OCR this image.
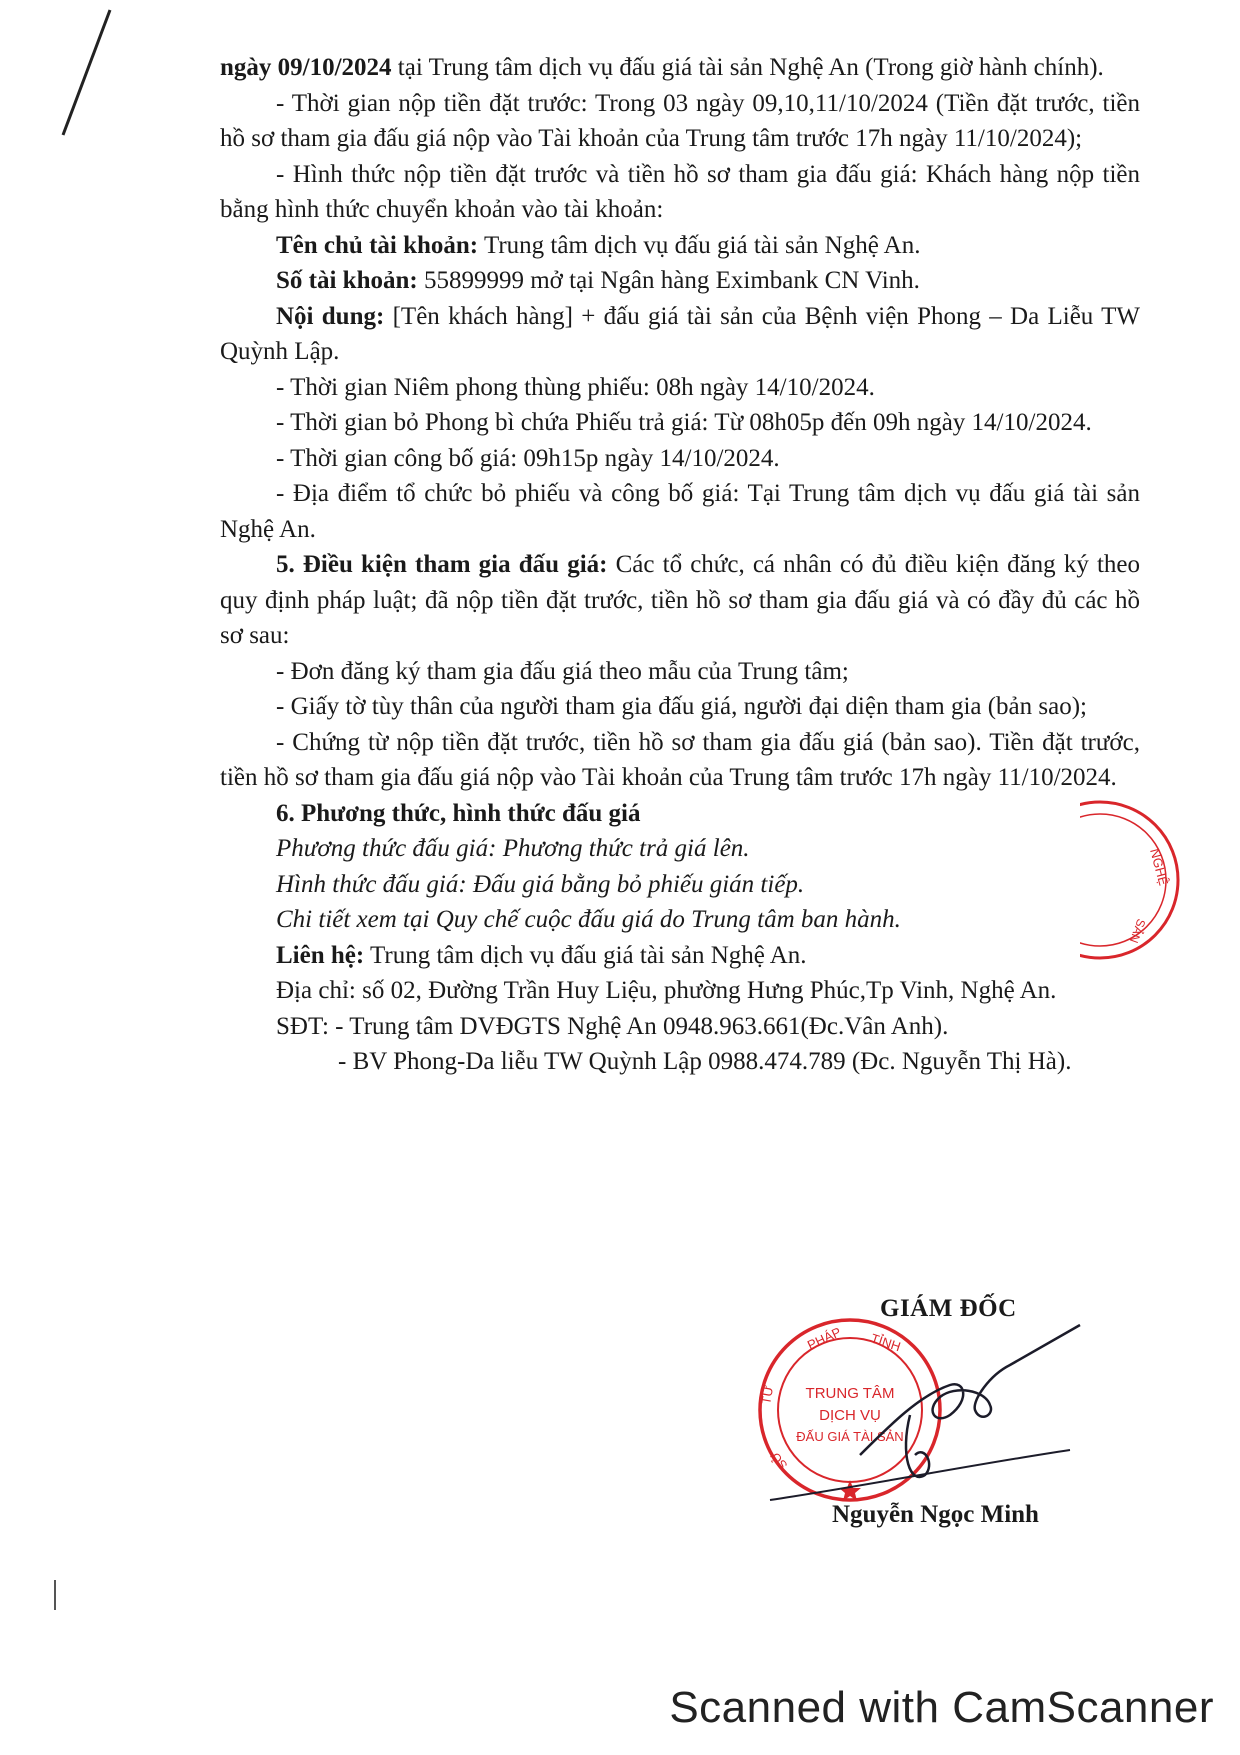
ngày 09/10/2024 tại Trung tâm dịch vụ đấu giá tài sản Nghệ An (Trong giờ hành chính).

- Thời gian nộp tiền đặt trước: Trong 03 ngày 09,10,11/10/2024 (Tiền đặt trước, tiền hồ sơ tham gia đấu giá nộp vào Tài khoản của Trung tâm trước 17h ngày 11/10/2024);

- Hình thức nộp tiền đặt trước và tiền hồ sơ tham gia đấu giá: Khách hàng nộp tiền bằng hình thức chuyển khoản vào tài khoản:

Tên chủ tài khoản: Trung tâm dịch vụ đấu giá tài sản Nghệ An.

Số tài khoản: 55899999 mở tại Ngân hàng Eximbank CN Vinh.

Nội dung: [Tên khách hàng] + đấu giá tài sản của Bệnh viện Phong – Da Liễu TW Quỳnh Lập.

- Thời gian Niêm phong thùng phiếu: 08h ngày 14/10/2024.

- Thời gian bỏ Phong bì chứa Phiếu trả giá: Từ 08h05p đến 09h ngày 14/10/2024.

- Thời gian công bố giá: 09h15p ngày 14/10/2024.

- Địa điểm tổ chức bỏ phiếu và công bố giá: Tại Trung tâm dịch vụ đấu giá tài sản Nghệ An.

5. Điều kiện tham gia đấu giá: Các tổ chức, cá nhân có đủ điều kiện đăng ký theo quy định pháp luật; đã nộp tiền đặt trước, tiền hồ sơ tham gia đấu giá và có đầy đủ các hồ sơ sau:

- Đơn đăng ký tham gia đấu giá theo mẫu của Trung tâm;

- Giấy tờ tùy thân của người tham gia đấu giá, người đại diện tham gia (bản sao);

- Chứng từ nộp tiền đặt trước, tiền hồ sơ tham gia đấu giá (bản sao). Tiền đặt trước, tiền hồ sơ tham gia đấu giá nộp vào Tài khoản của Trung tâm trước 17h ngày 11/10/2024.

6. Phương thức, hình thức đấu giá

Phương thức đấu giá: Phương thức trả giá lên.

Hình thức đấu giá: Đấu giá bằng bỏ phiếu gián tiếp.

Chi tiết xem tại Quy chế cuộc đấu giá do Trung tâm ban hành.

Liên hệ: Trung tâm dịch vụ đấu giá tài sản Nghệ An.

Địa chỉ: số 02, Đường Trần Huy Liệu, phường Hưng Phúc,Tp Vinh, Nghệ An.

SĐT: - Trung tâm DVĐGTS Nghệ An 0948.963.661(Đc.Vân Anh).

- BV Phong-Da liễu TW Quỳnh Lập 0988.474.789 (Đc. Nguyễn Thị Hà).

NGHỆ
SẢN
GIÁM ĐỐC
PHÁP TỈNH
TRUNG TÂM
DỊCH VỤ
ĐẤU GIÁ TÀI SẢN
TƯ
SỞ
Nguyễn Ngọc Minh
Scanned with CamScanner
